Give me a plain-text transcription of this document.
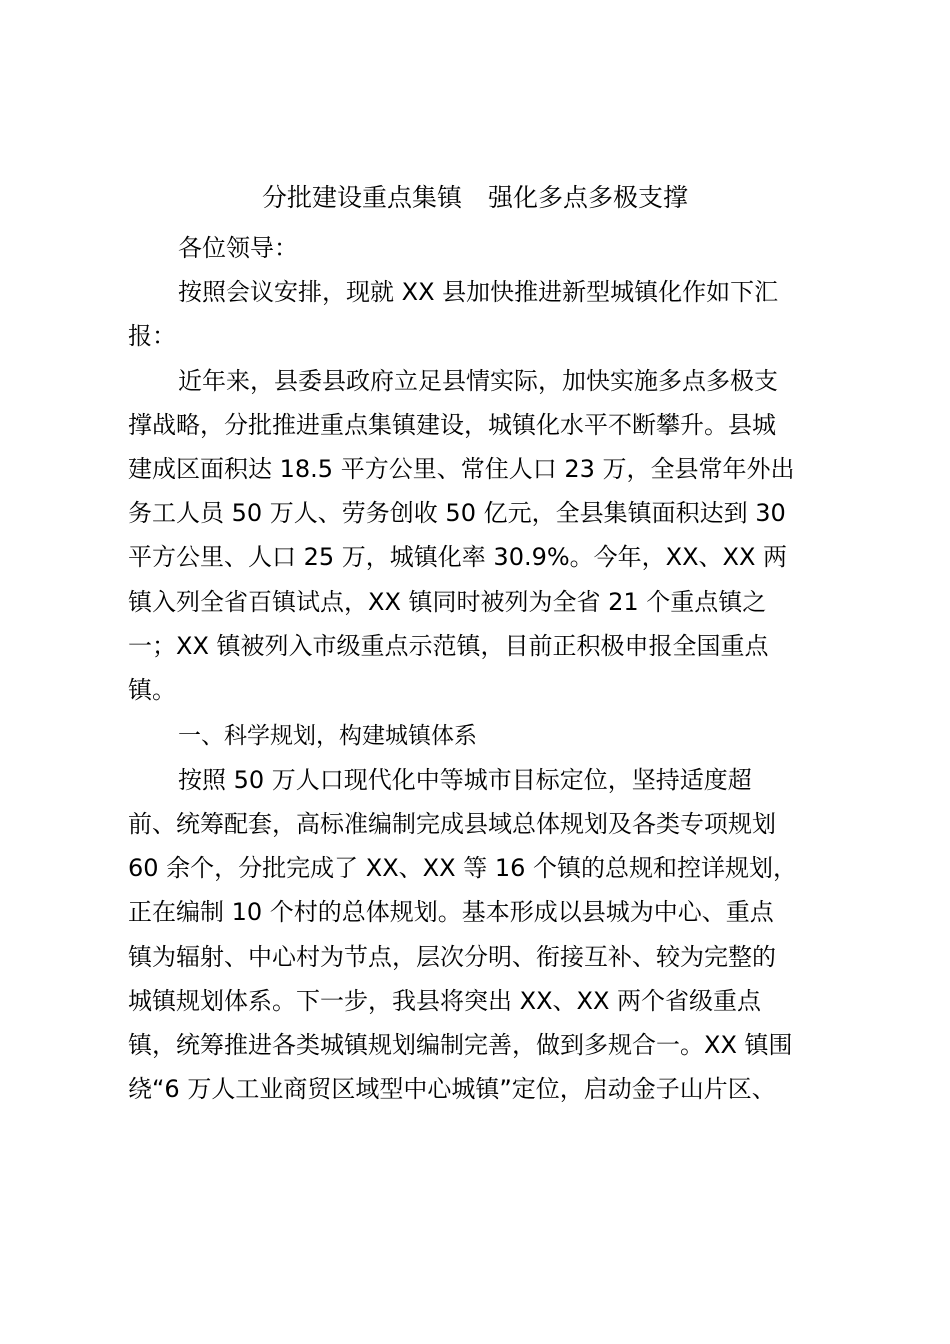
分批建设重点集镇 强化多点多极支撑
各位领导：
按照会议安排，现就 XX 县加快推进新型城镇化作如下汇
报：
近年来，县委县政府立足县情实际，加快实施多点多极支
撑战略，分批推进重点集镇建设，城镇化水平不断攀升。县城
建成区面积达 18.5 平方公里、常住人口 23 万，全县常年外出
务工人员 50 万人、劳务创收 50 亿元，全县集镇面积达到 30
平方公里、人口 25 万，城镇化率 30.9%。今年，XX、XX 两
镇入列全省百镇试点，XX 镇同时被列为全省 21 个重点镇之
一；XX 镇被列入市级重点示范镇，目前正积极申报全国重点
镇。
一、科学规划，构建城镇体系
按照 50 万人口现代化中等城市目标定位，坚持适度超
前、统筹配套，高标准编制完成县域总体规划及各类专项规划
60 余个，分批完成了 XX、XX 等 16 个镇的总规和控详规划，
正在编制 10 个村的总体规划。基本形成以县城为中心、重点
镇为辐射、中心村为节点，层次分明、衔接互补、较为完整的
城镇规划体系。下一步，我县将突出 XX、XX 两个省级重点
镇，统筹推进各类城镇规划编制完善，做到多规合一。XX 镇围
绕“6 万人工业商贸区域型中心城镇”定位，启动金子山片区、
